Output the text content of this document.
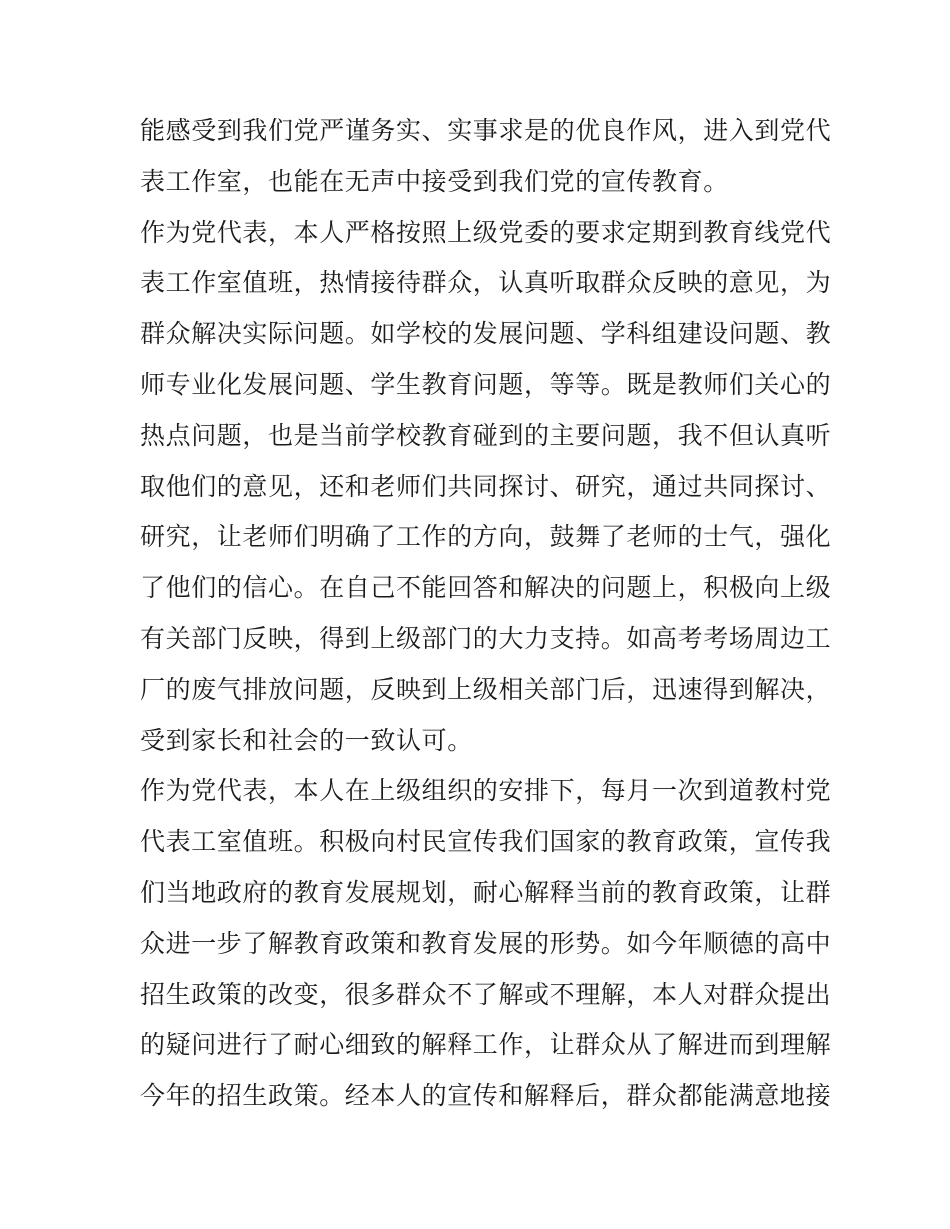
能感受到我们党严谨务实、实事求是的优良作风，进入到党代
表工作室，也能在无声中接受到我们党的宣传教育。
作为党代表，本人严格按照上级党委的要求定期到教育线党代
表工作室值班，热情接待群众，认真听取群众反映的意见，为
群众解决实际问题。如学校的发展问题、学科组建设问题、教
师专业化发展问题、学生教育问题，等等。既是教师们关心的
热点问题，也是当前学校教育碰到的主要问题，我不但认真听
取他们的意见，还和老师们共同探讨、研究，通过共同探讨、
研究，让老师们明确了工作的方向，鼓舞了老师的士气，强化
了他们的信心。在自己不能回答和解决的问题上，积极向上级
有关部门反映，得到上级部门的大力支持。如高考考场周边工
厂的废气排放问题，反映到上级相关部门后，迅速得到解决，
受到家长和社会的一致认可。
作为党代表，本人在上级组织的安排下，每月一次到道教村党
代表工室值班。积极向村民宣传我们国家的教育政策，宣传我
们当地政府的教育发展规划，耐心解释当前的教育政策，让群
众进一步了解教育政策和教育发展的形势。如今年顺德的高中
招生政策的改变，很多群众不了解或不理解，本人对群众提出
的疑问进行了耐心细致的解释工作，让群众从了解进而到理解
今年的招生政策。经本人的宣传和解释后，群众都能满意地接
